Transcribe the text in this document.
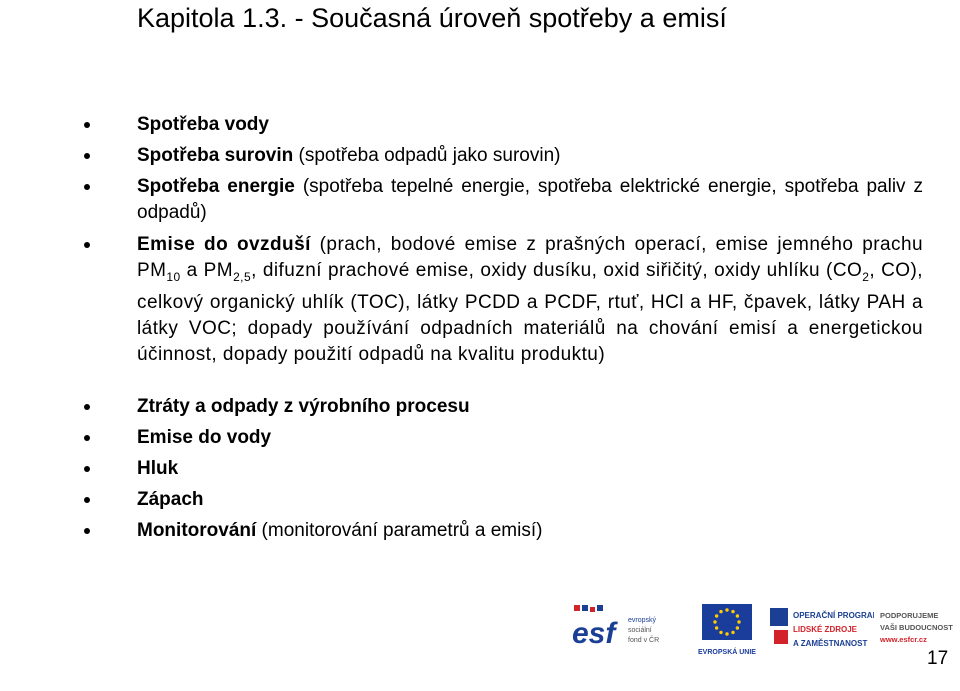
Kapitola 1.3. - Současná úroveň spotřeby a emisí
Spotřeba vody
Spotřeba surovin (spotřeba odpadů jako surovin)
Spotřeba energie (spotřeba tepelné energie, spotřeba elektrické energie, spotřeba paliv z odpadů)
Emise do ovzduší (prach, bodové emise z prašných operací, emise jemného prachu $PM_{10}$ a $PM_{2,5}$, difuzní prachové emise, oxidy dusíku, oxid siřičitý, oxidy uhlíku ($CO_2$, CO), celkový organický uhlík (TOC), látky PCDD a PCDF, rtuť, HCl a HF, čpavek, látky PAH a látky VOC; dopady používání odpadních materiálů na chování emisí a energetickou účinnost, dopady použití odpadů na kvalitu produktu)
Ztráty a odpady z výrobního procesu
Emise do vody
Hluk
Zápach
Monitorování (monitorování parametrů a emisí)
esf	evropský
sociální
fond v ČR
EVROPSKÁ UNIE
OPERAČNÍ PROGRAM
LIDSKÉ ZDROJE
A ZAMĚSTNANOST
PODPORUJEME
VAŠI BUDOUCNOST
www.esfcr.cz
17
